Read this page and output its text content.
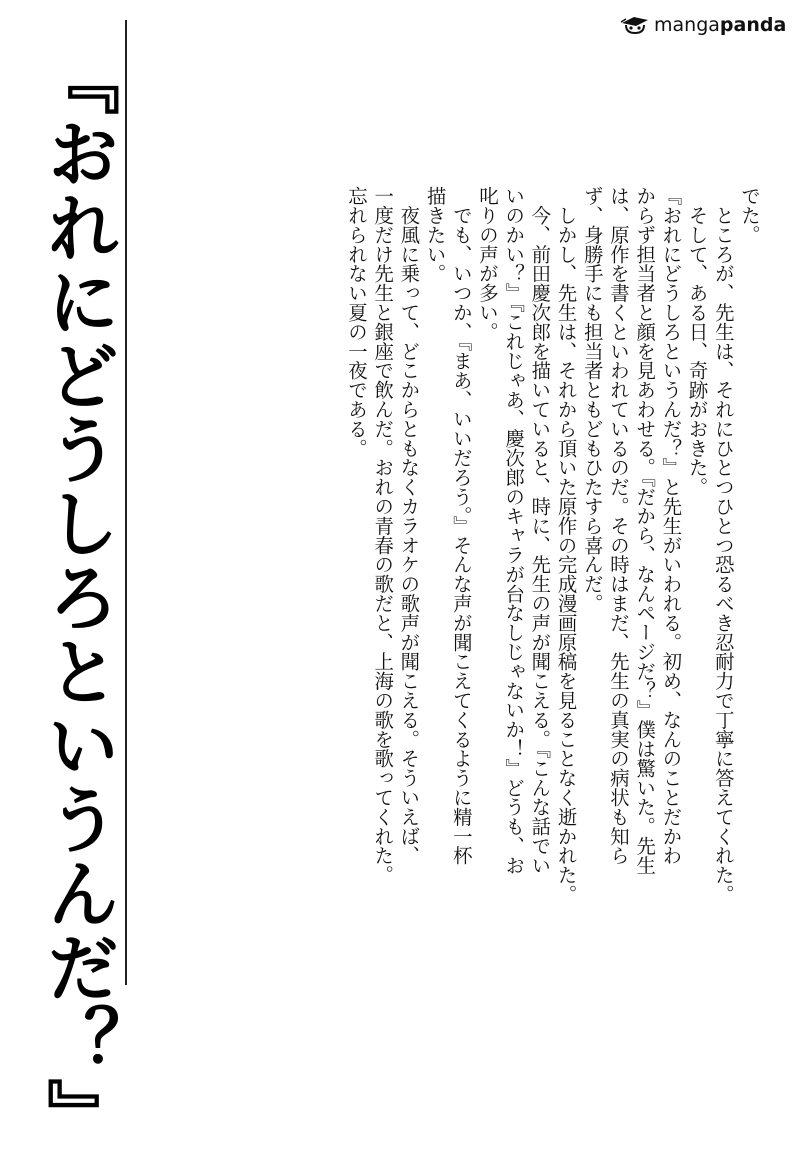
mangapanda
『おれにどうしろというんだ？』	でた。

　ところが、先生は、それにひとつひとつ恐るべき忍耐力で丁寧に答えてくれた。

　そして、ある日、奇跡がおきた。

『おれにどうしろというんだ？』と先生がいわれる。初め、なんのことだかわ

からず担当者と顔を見あわせる。『だから、なんページだ？』僕は驚いた。先生

は、原作を書くといわれているのだ。その時はまだ、先生の真実の病状も知ら

ず、身勝手にも担当者ともどもひたすら喜んだ。

　しかし、先生は、それから頂いた原作の完成漫画原稿を見ることなく逝かれた。

　今、前田慶次郎を描いていると、時に、先生の声が聞こえる。『こんな話でい

いのかい？』『これじゃあ、慶次郎のキャラが台なしじゃないか！』どうも、お

叱りの声が多い。

　でも、いつか、『まあ、いいだろう。』そんな声が聞こえてくるように精一杯

描きたい。

　夜風に乗って、どこからともなくカラオケの歌声が聞こえる。そういえば、

一度だけ先生と銀座で飲んだ。おれの青春の歌だと、上海の歌を歌ってくれた。

忘れられない夏の一夜である。
